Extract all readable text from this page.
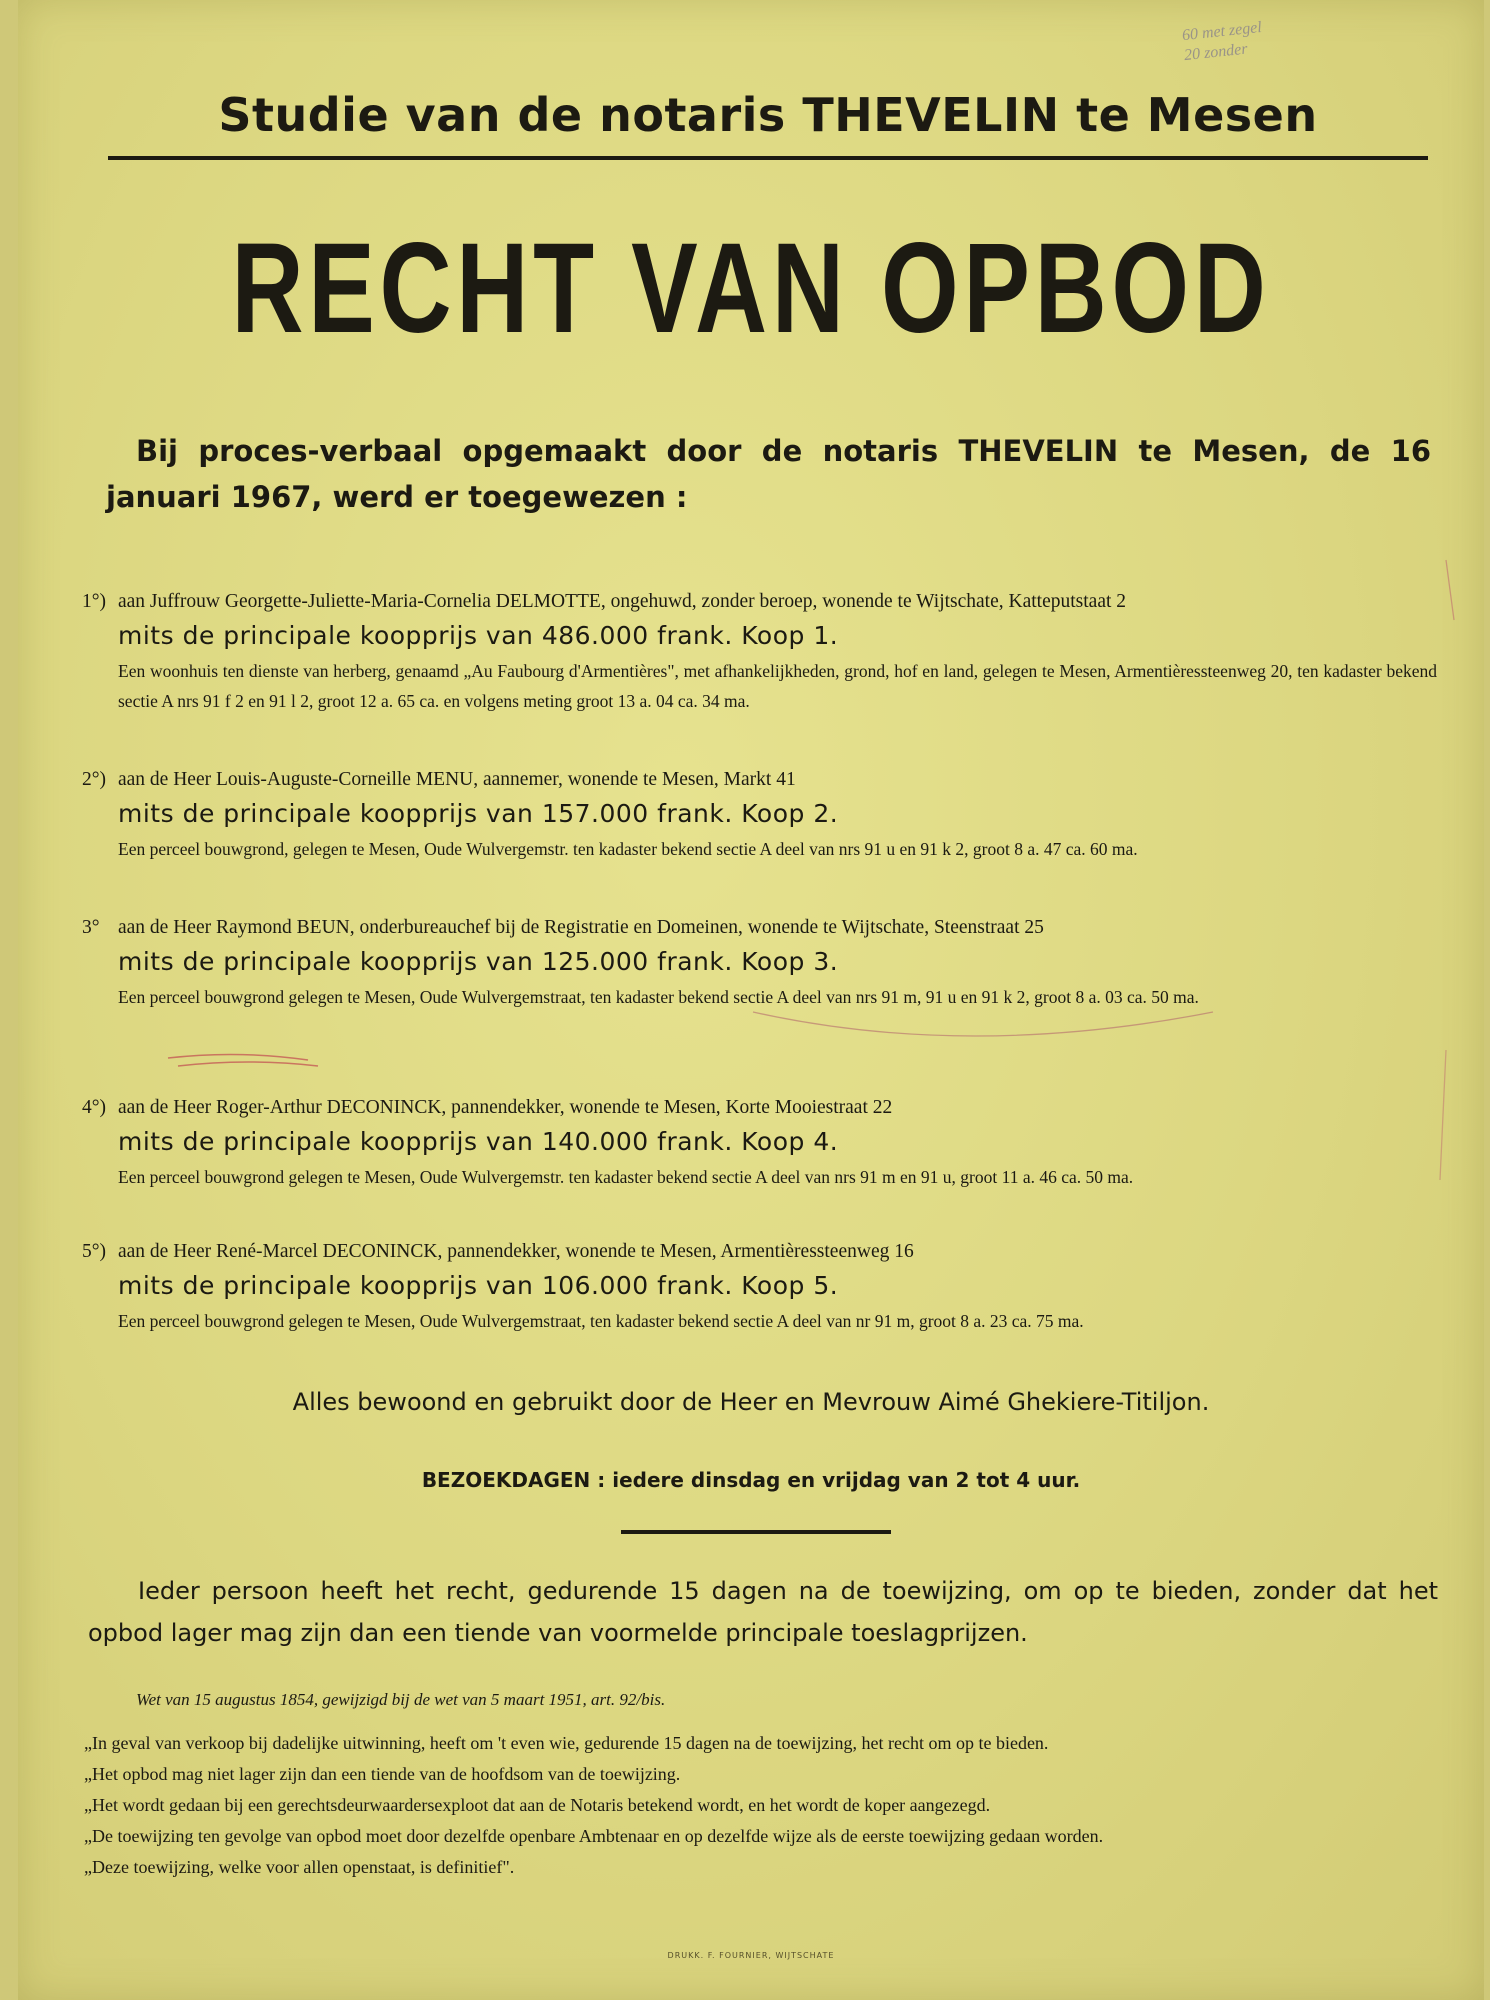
60 met zegel
20 zonder
Studie van de notaris THEVELIN te Mesen
RECHT VAN OPBOD
Bij proces-verbaal opgemaakt door de notaris THEVELIN te Mesen, de 16 januari 1967, werd er toegewezen :
1°) aan Juffrouw Georgette-Juliette-Maria-Cornelia DELMOTTE, ongehuwd, zonder beroep, wonende te Wijtschate, Katteputstaat 2
mits de principale koopprijs van 486.000 frank. Koop 1.
Een woonhuis ten dienste van herberg, genaamd „Au Faubourg d'Armentières", met afhankelijkheden, grond, hof en land, gelegen te Mesen, Armentièressteenweg 20, ten kadaster bekend sectie A nrs 91 f 2 en 91 l 2, groot 12 a. 65 ca. en volgens meting groot 13 a. 04 ca. 34 ma.
2°) aan de Heer Louis-Auguste-Corneille MENU, aannemer, wonende te Mesen, Markt 41
mits de principale koopprijs van 157.000 frank. Koop 2.
Een perceel bouwgrond, gelegen te Mesen, Oude Wulvergemstr. ten kadaster bekend sectie A deel van nrs 91 u en 91 k 2, groot 8 a. 47 ca. 60 ma.
3° aan de Heer Raymond BEUN, onderbureauchef bij de Registratie en Domeinen, wonende te Wijtschate, Steenstraat 25
mits de principale koopprijs van 125.000 frank. Koop 3.
Een perceel bouwgrond gelegen te Mesen, Oude Wulvergemstraat, ten kadaster bekend sectie A deel van nrs 91 m, 91 u en 91 k 2, groot 8 a. 03 ca. 50 ma.
4°) aan de Heer Roger-Arthur DECONINCK, pannendekker, wonende te Mesen, Korte Mooiestraat 22
mits de principale koopprijs van 140.000 frank. Koop 4.
Een perceel bouwgrond gelegen te Mesen, Oude Wulvergemstr. ten kadaster bekend sectie A deel van nrs 91 m en 91 u, groot 11 a. 46 ca. 50 ma.
5°) aan de Heer René-Marcel DECONINCK, pannendekker, wonende te Mesen, Armentièressteenweg 16
mits de principale koopprijs van 106.000 frank. Koop 5.
Een perceel bouwgrond gelegen te Mesen, Oude Wulvergemstraat, ten kadaster bekend sectie A deel van nr 91 m, groot 8 a. 23 ca. 75 ma.
Alles bewoond en gebruikt door de Heer en Mevrouw Aimé Ghekiere-Titiljon.
BEZOEKDAGEN : iedere dinsdag en vrijdag van 2 tot 4 uur.
Ieder persoon heeft het recht, gedurende 15 dagen na de toewijzing, om op te bieden, zonder dat het opbod lager mag zijn dan een tiende van voormelde principale toeslagprijzen.
Wet van 15 augustus 1854, gewijzigd bij de wet van 5 maart 1951, art. 92/bis.
„In geval van verkoop bij dadelijke uitwinning, heeft om 't even wie, gedurende 15 dagen na de toewijzing, het recht om op te bieden.
„Het opbod mag niet lager zijn dan een tiende van de hoofdsom van de toewijzing.
„Het wordt gedaan bij een gerechtsdeurwaardersexploot dat aan de Notaris betekend wordt, en het wordt de koper aangezegd.
„De toewijzing ten gevolge van opbod moet door dezelfde openbare Ambtenaar en op dezelfde wijze als de eerste toewijzing gedaan worden.
„Deze toewijzing, welke voor allen openstaat, is definitief".
DRUKK. F. FOURNIER, WIJTSCHATE
